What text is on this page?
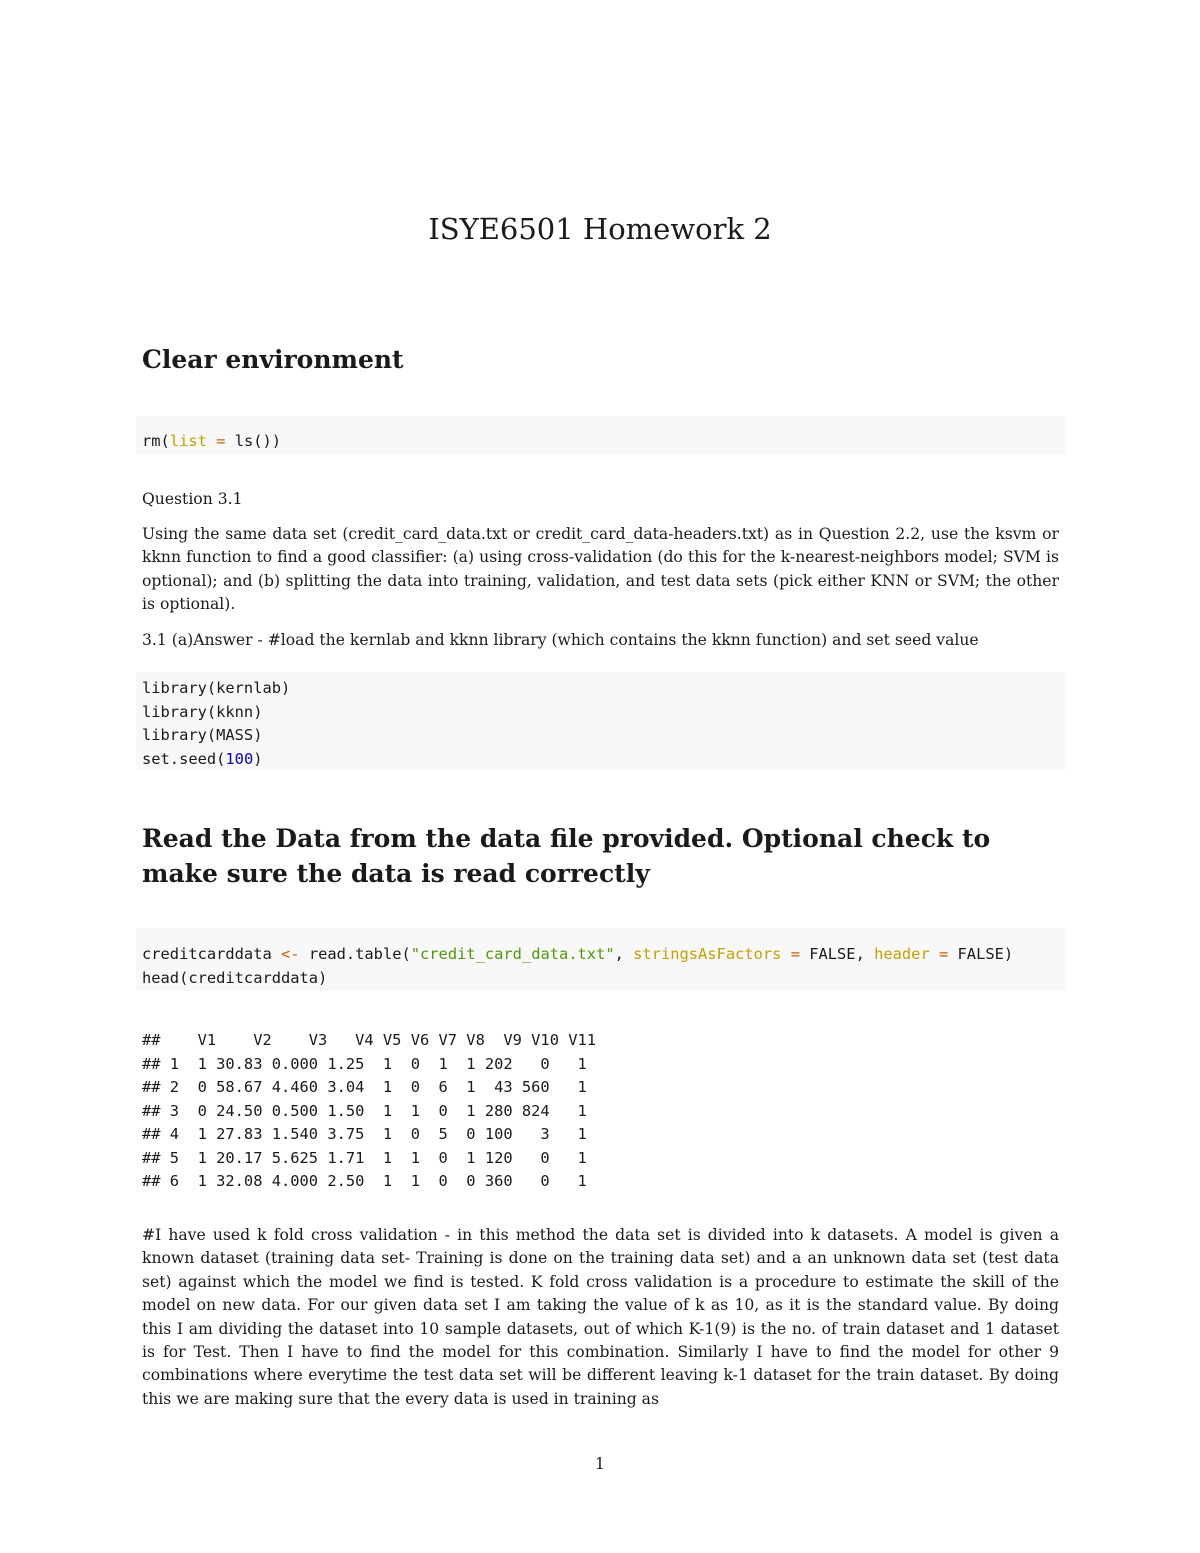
ISYE6501 Homework 2
Clear environment
rm(list = ls())

Question 3.1

Using the same data set (credit_card_data.txt or credit_card_data-headers.txt) as in Question 2.2, use the ksvm or kknn function to find a good classifier: (a) using cross-validation (do this for the k-nearest-neighbors model; SVM is optional); and (b) splitting the data into training, validation, and test data sets (pick either KNN or SVM; the other is optional).

3.1 (a)Answer - #load the kernlab and kknn library (which contains the kknn function) and set seed value

library(kernlab)
library(kknn)
library(MASS)
set.seed(100)
Read the Data from the data file provided. Optional check to make sure the data is read correctly
creditcarddata <- read.table("credit_card_data.txt", stringsAsFactors = FALSE, header = FALSE)
head(creditcarddata)
##    V1    V2    V3   V4 V5 V6 V7 V8  V9 V10 V11
## 1  1 30.83 0.000 1.25  1  0  1  1 202   0   1
## 2  0 58.67 4.460 3.04  1  0  6  1  43 560   1
## 3  0 24.50 0.500 1.50  1  1  0  1 280 824   1
## 4  1 27.83 1.540 3.75  1  0  5  0 100   3   1
## 5  1 20.17 5.625 1.71  1  1  0  1 120   0   1
## 6  1 32.08 4.000 2.50  1  1  0  0 360   0   1

#I have used k fold cross validation - in this method the data set is divided into k datasets. A model is given a known dataset (training data set- Training is done on the training data set) and a an unknown data set (test data set) against which the model we find is tested. K fold cross validation is a procedure to estimate the skill of the model on new data. For our given data set I am taking the value of k as 10, as it is the standard value. By doing this I am dividing the dataset into 10 sample datasets, out of which K-1(9) is the no. of train dataset and 1 dataset is for Test. Then I have to find the model for this combination. Similarly I have to find the model for other 9 combinations where everytime the test data set will be different leaving k-1 dataset for the train dataset. By doing this we are making sure that the every data is used in training as

1
